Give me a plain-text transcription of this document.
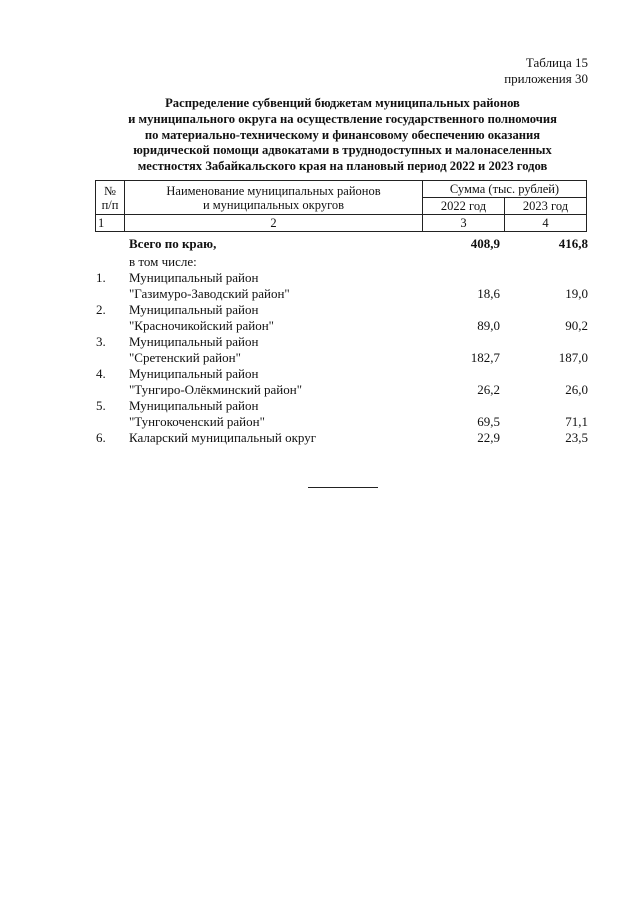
Таблица 15
приложения 30
Распределение субвенций бюджетам муниципальных районов
и муниципального округа на осуществление государственного полномочия
по материально-техническому и финансовому обеспечению оказания
юридической помощи адвокатами в труднодоступных и малонаселенных
местностях Забайкальского края на плановый период 2022 и 2023 годов
№
п/п	Наименование муниципальных районов
и муниципальных округов	Сумма (тыс. рублей)	
		2022 год	2023 год
1	2	3	4
Всего по краю,	408,9	416,8
в том числе:
1.	Муниципальный район
"Газимуро-Заводский район"	18,6	19,0
2.	Муниципальный район
"Красночикойский район"	89,0	90,2
3.	Муниципальный район
"Сретенский район"	182,7	187,0
4.	Муниципальный район
"Тунгиро-Олёкминский район"	26,2	26,0
5.	Муниципальный район
"Тунгокоченский район"	69,5	71,1
6.	Каларский муниципальный округ	22,9	23,5
